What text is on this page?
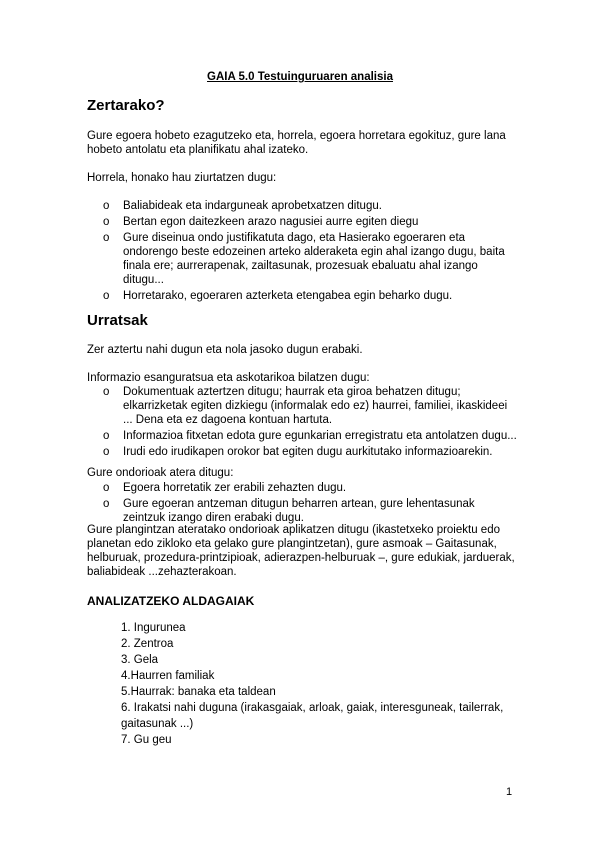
GAIA 5.0 Testuinguruaren analisia
Zertarako?
Gure egoera hobeto ezagutzeko eta, horrela, egoera horretara egokituz, gure lana hobeto antolatu eta planifikatu ahal izateko.
Horrela, honako hau ziurtatzen dugu:
o Baliabideak eta indarguneak aprobetxatzen ditugu.
o Bertan egon daitezkeen arazo nagusiei aurre egiten diegu
o Gure diseinua ondo justifikatuta dago, eta Hasierako egoeraren eta ondorengo beste edozeinen arteko alderaketa egin ahal izango dugu, baita finala ere; aurrerapenak, zailtasunak, prozesuak ebaluatu ahal izango ditugu...
o Horretarako, egoeraren azterketa etengabea egin beharko dugu.
Urratsak
Zer aztertu nahi dugun eta nola jasoko dugun erabaki.
Informazio esanguratsua eta askotarikoa bilatzen dugu:
o Dokumentuak aztertzen ditugu; haurrak eta giroa behatzen ditugu; elkarrizketak egiten dizkiegu (informalak edo ez) haurrei, familiei, ikaskideei ... Dena eta ez dagoena kontuan hartuta.
o Informazioa fitxetan edota gure egunkarian erregistratu eta antolatzen dugu...
o Irudi edo irudikapen orokor bat egiten dugu aurkitutako informazioarekin.
Gure ondorioak atera ditugu:
o Egoera horretatik zer erabili zehazten dugu.
o Gure egoeran antzeman ditugun beharren artean, gure lehentasunak zeintzuk izango diren erabaki dugu.
Gure plangintzan ateratako ondorioak aplikatzen ditugu (ikastetxeko proiektu edo planetan edo zikloko eta gelako gure plangintzetan), gure asmoak – Gaitasunak, helburuak, prozedura-printzipioak, adierazpen-helburuak –, gure edukiak, jarduerak, baliabideak ...zehazterakoan.
ANALIZATZEKO ALDAGAIAK
1. Ingurunea
2. Zentroa
3. Gela
4.Haurren familiak
5.Haurrak: banaka eta taldean
6. Irakatsi nahi duguna (irakasgaiak, arloak, gaiak, interesguneak, tailerrak, gaitasunak ...)
7. Gu geu
1
